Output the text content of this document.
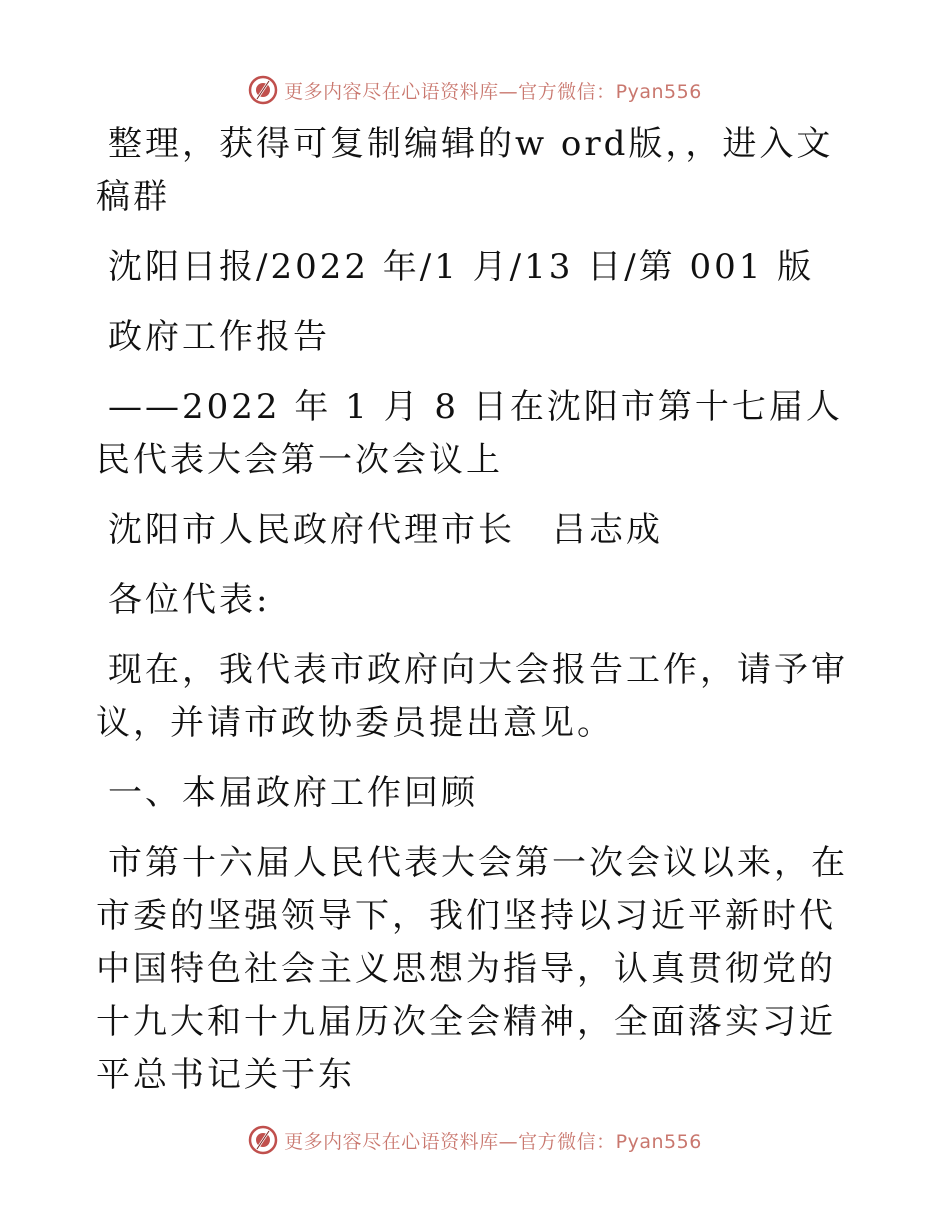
更多内容尽在心语资料库—官方微信：Pyan556

整理，获得可复制编辑的w ord版，，进入文稿群

沈阳日报/2022 年/1 月/13 日/第 001 版

政府工作报告

——2022 年 1 月 8 日在沈阳市第十七届人民代表大会第一次会议上

沈阳市人民政府代理市长　吕志成

各位代表:

现在，我代表市政府向大会报告工作，请予审议，并请市政协委员提出意见。

一、本届政府工作回顾

市第十六届人民代表大会第一次会议以来，在市委的坚强领导下，我们坚持以习近平新时代中国特色社会主义思想为指导，认真贯彻党的十九大和十九届历次全会精神，全面落实习近平总书记关于东

更多内容尽在心语资料库—官方微信：Pyan556
